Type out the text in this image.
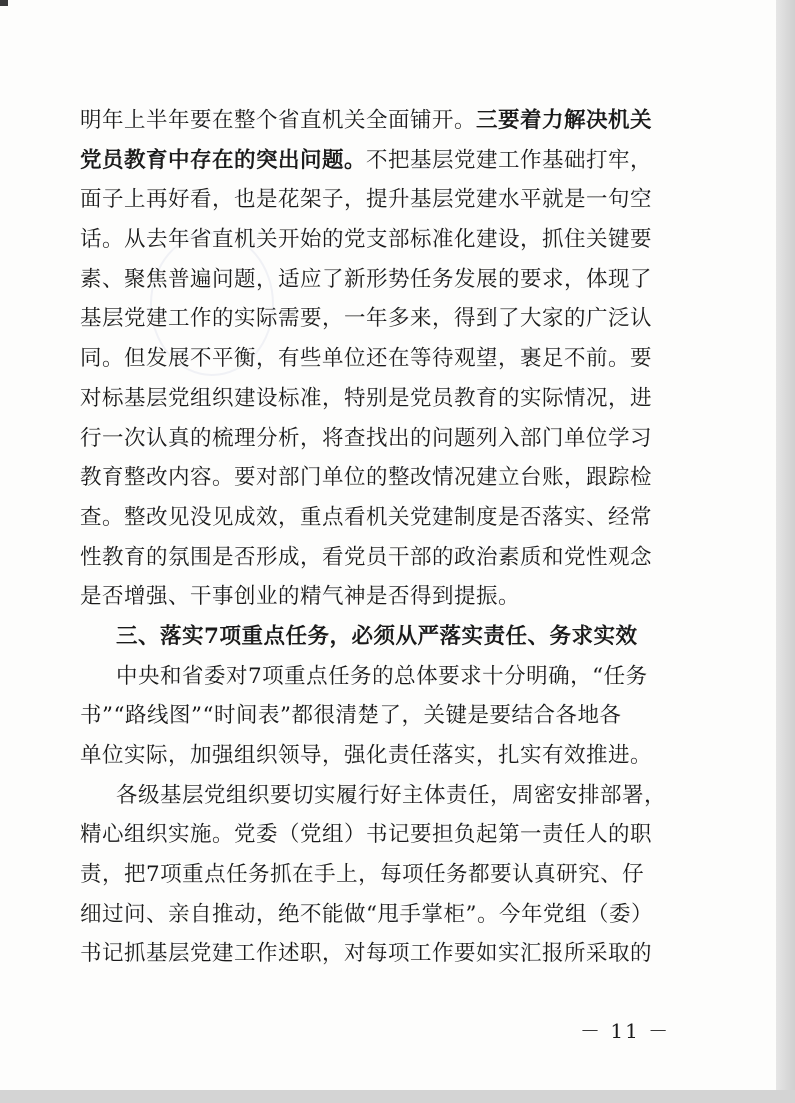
明年上半年要在整个省直机关全面铺开。三要着力解决机关
党员教育中存在的突出问题。不把基层党建工作基础打牢，
面子上再好看，也是花架子，提升基层党建水平就是一句空
话。从去年省直机关开始的党支部标准化建设，抓住关键要
素、聚焦普遍问题，适应了新形势任务发展的要求，体现了
基层党建工作的实际需要，一年多来，得到了大家的广泛认
同。但发展不平衡，有些单位还在等待观望，裹足不前。要
对标基层党组织建设标准，特别是党员教育的实际情况，进
行一次认真的梳理分析，将查找出的问题列入部门单位学习
教育整改内容。要对部门单位的整改情况建立台账，跟踪检
查。整改见没见成效，重点看机关党建制度是否落实、经常
性教育的氛围是否形成，看党员干部的政治素质和党性观念
是否增强、干事创业的精气神是否得到提振。
三、落实7项重点任务，必须从严落实责任、务求实效
中央和省委对7项重点任务的总体要求十分明确，“任务
书”“路线图”“时间表”都很清楚了，关键是要结合各地各
单位实际，加强组织领导，强化责任落实，扎实有效推进。
各级基层党组织要切实履行好主体责任，周密安排部署，
精心组织实施。党委（党组）书记要担负起第一责任人的职
责，把7项重点任务抓在手上，每项任务都要认真研究、仔
细过问、亲自推动，绝不能做“甩手掌柜”。今年党组（委）
书记抓基层党建工作述职，对每项工作要如实汇报所采取的
－ 11 －
